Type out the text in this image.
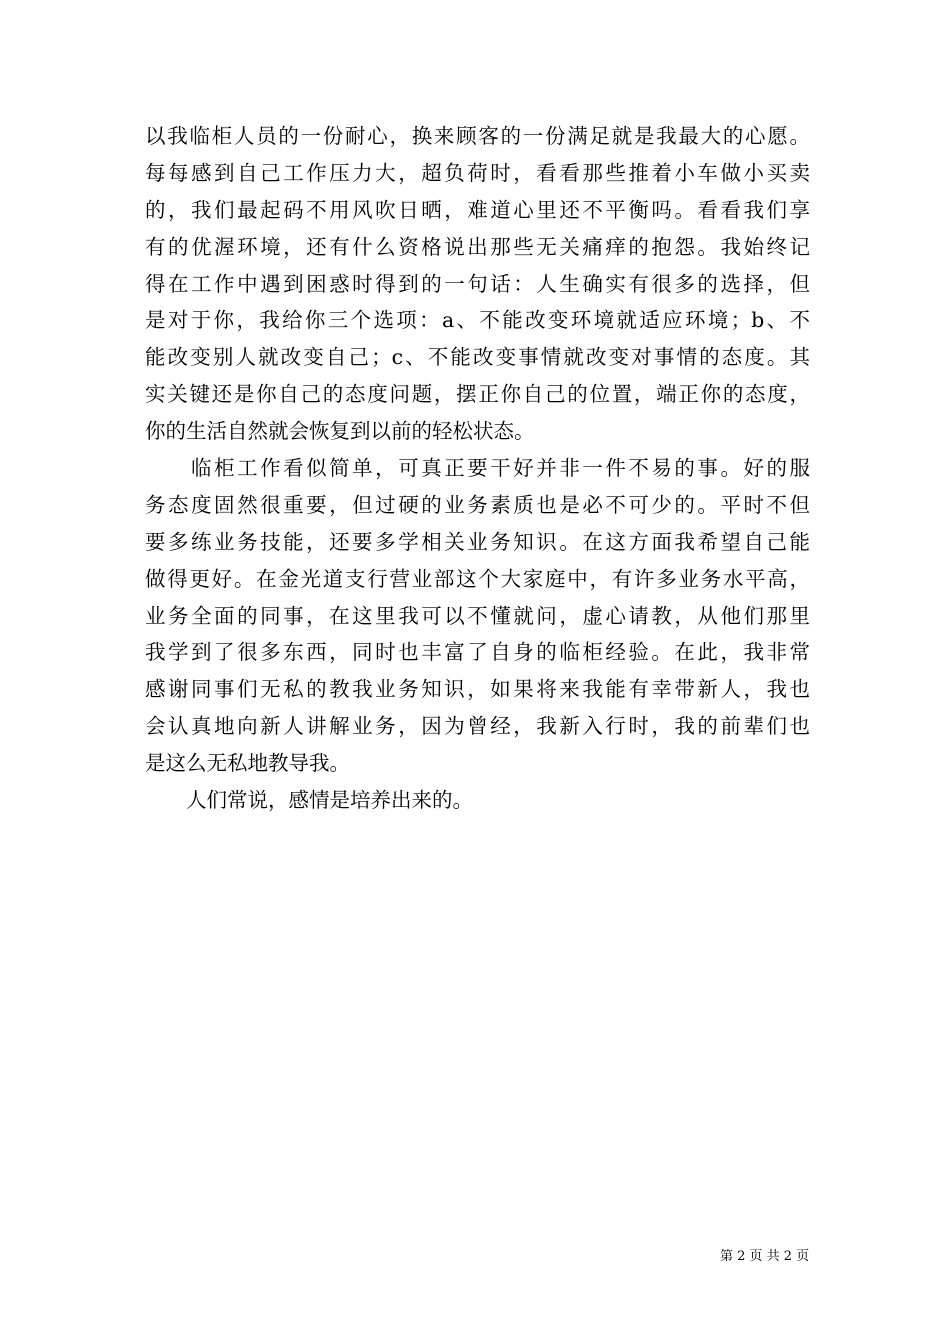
以我临柜人员的一份耐心，换来顾客的一份满足就是我最大的心愿。
每每感到自己工作压力大，超负荷时，看看那些推着小车做小买卖
的，我们最起码不用风吹日晒，难道心里还不平衡吗。看看我们享
有的优渥环境，还有什么资格说出那些无关痛痒的抱怨。我始终记
得在工作中遇到困惑时得到的一句话：人生确实有很多的选择，但
是对于你，我给你三个选项：a、不能改变环境就适应环境；b、不
能改变别人就改变自己；c、不能改变事情就改变对事情的态度。其
实关键还是你自己的态度问题，摆正你自己的位置，端正你的态度，
你的生活自然就会恢复到以前的轻松状态。
　　临柜工作看似简单，可真正要干好并非一件不易的事。好的服
务态度固然很重要，但过硬的业务素质也是必不可少的。平时不但
要多练业务技能，还要多学相关业务知识。在这方面我希望自己能
做得更好。在金光道支行营业部这个大家庭中，有许多业务水平高，
业务全面的同事，在这里我可以不懂就问，虚心请教，从他们那里
我学到了很多东西，同时也丰富了自身的临柜经验。在此，我非常
感谢同事们无私的教我业务知识，如果将来我能有幸带新人，我也
会认真地向新人讲解业务，因为曾经，我新入行时，我的前辈们也
是这么无私地教导我。
　　人们常说，感情是培养出来的。
第 2 页 共 2 页
